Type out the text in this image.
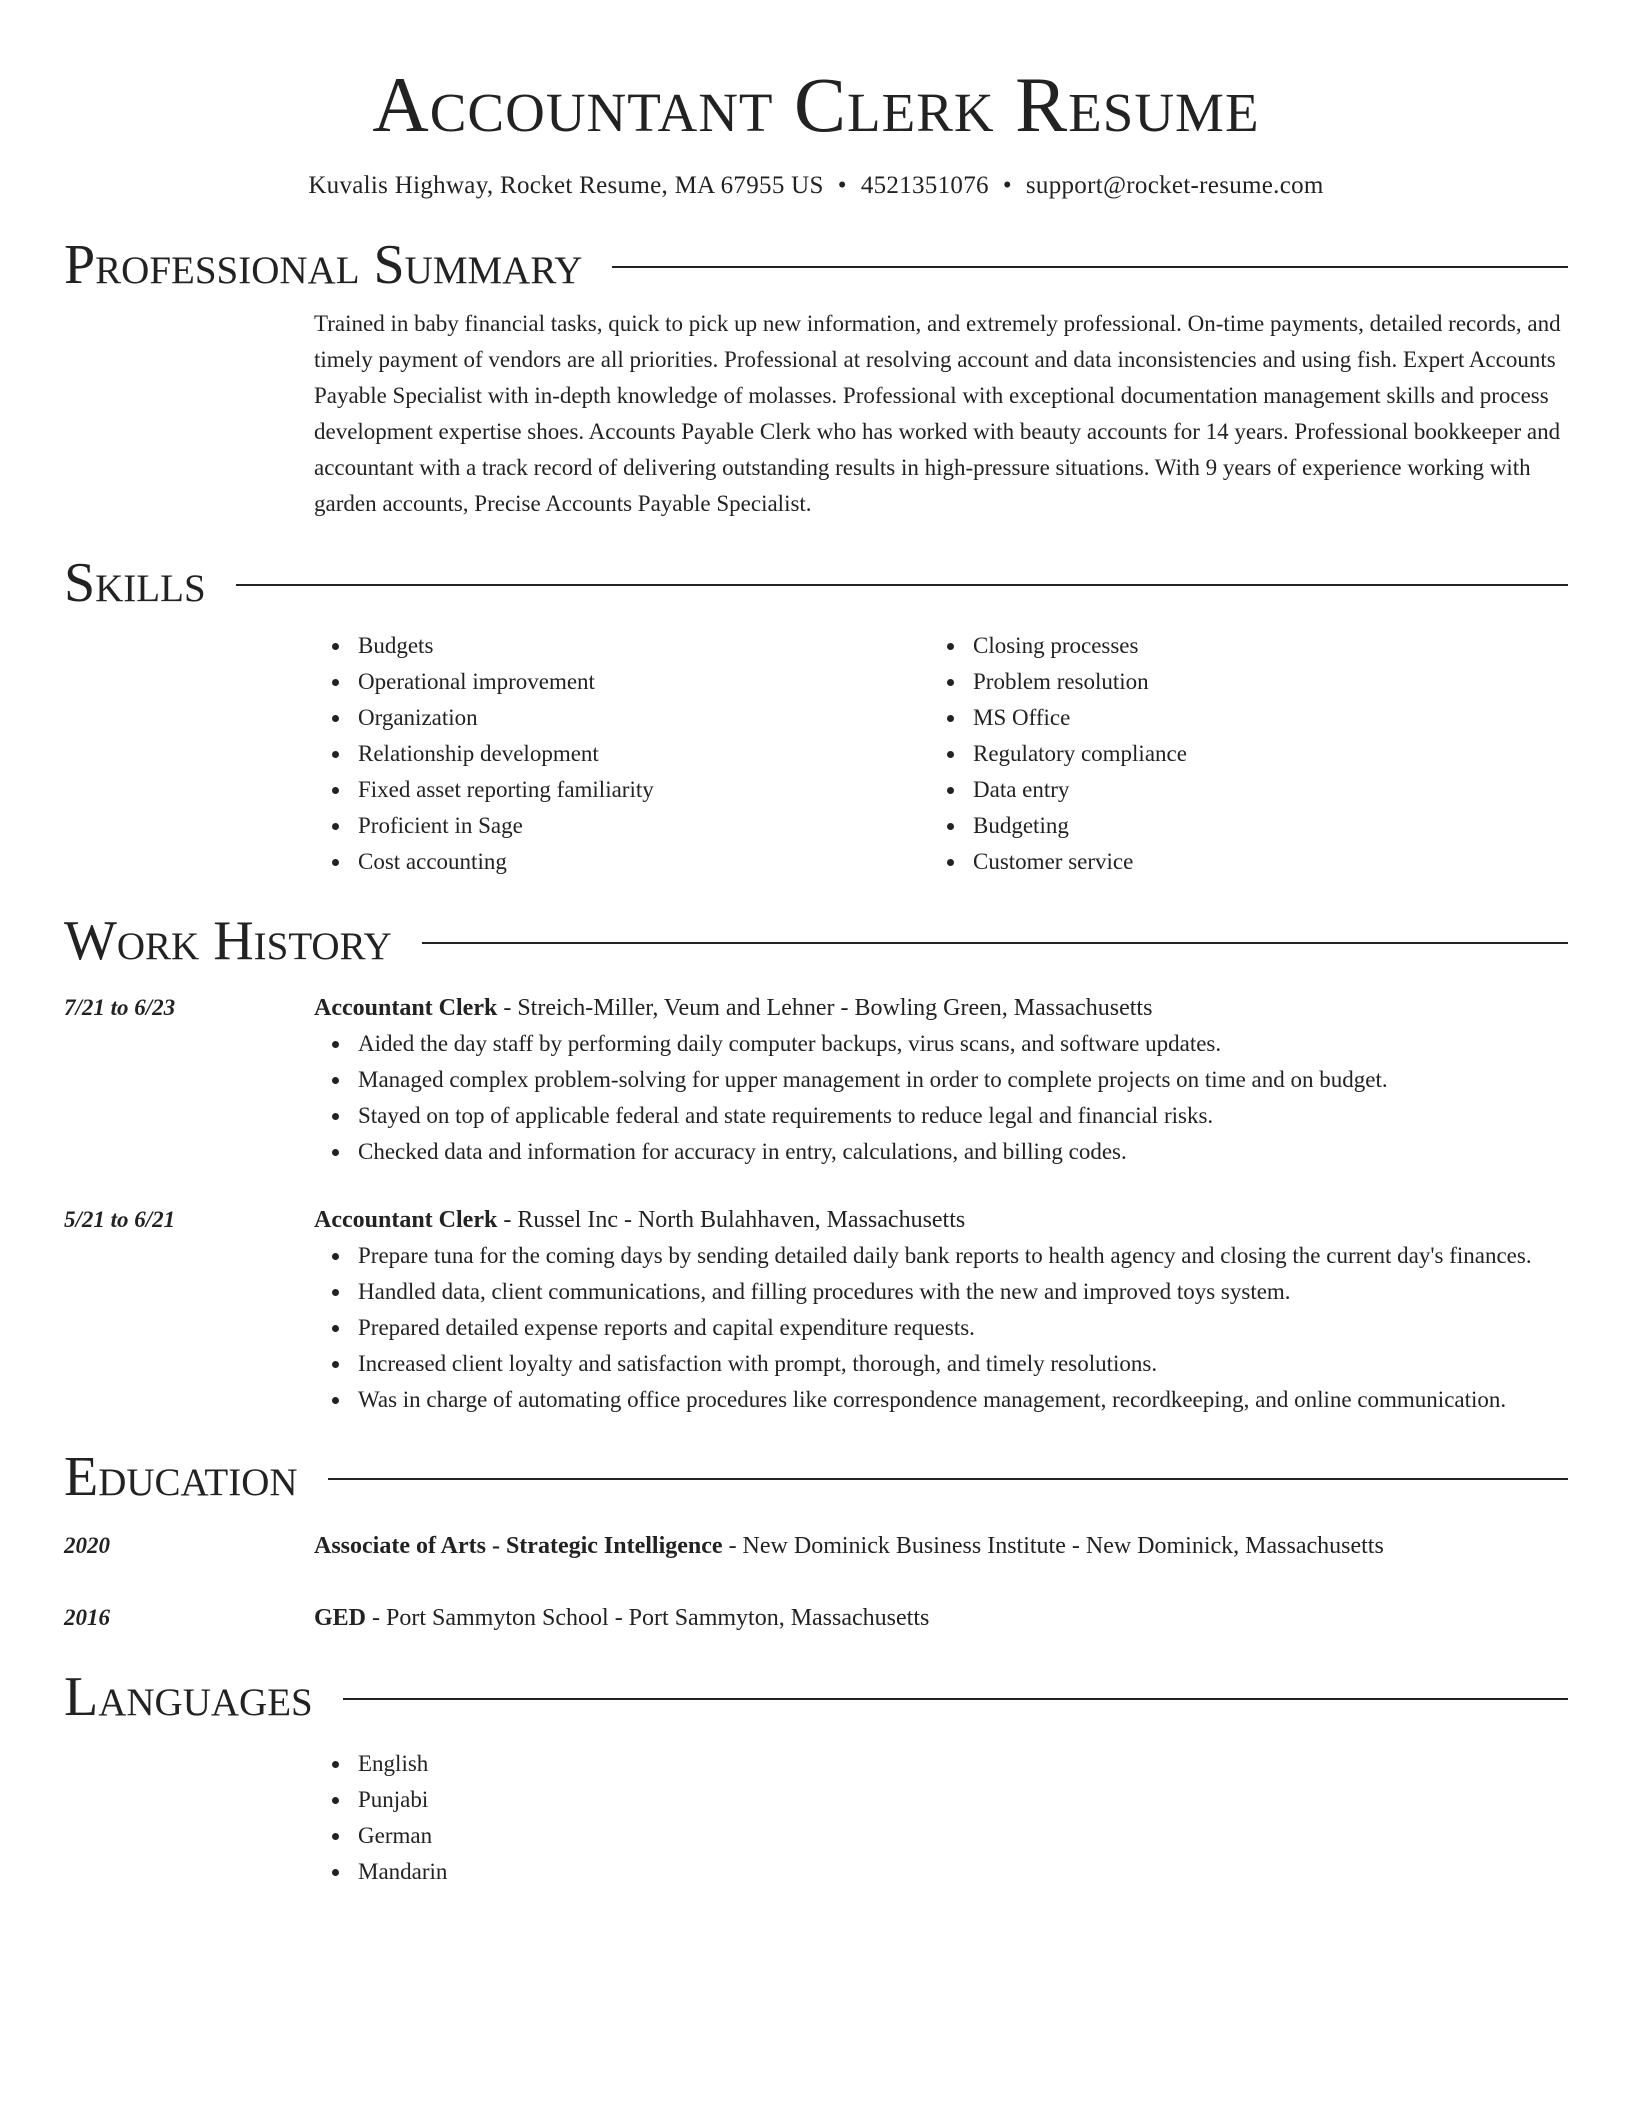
Accountant Clerk Resume
Kuvalis Highway, Rocket Resume, MA 67955 US • 4521351076 • support@rocket-resume.com
Professional Summary

Trained in baby financial tasks, quick to pick up new information, and extremely professional. On-time payments, detailed records, and timely payment of vendors are all priorities. Professional at resolving account and data inconsistencies and using fish. Expert Accounts Payable Specialist with in-depth knowledge of molasses. Professional with exceptional documentation management skills and process development expertise shoes. Accounts Payable Clerk who has worked with beauty accounts for 14 years. Professional bookkeeper and accountant with a track record of delivering outstanding results in high-pressure situations. With 9 years of experience working with garden accounts, Precise Accounts Payable Specialist.

Skills
Budgets
Operational improvement
Organization
Relationship development
Fixed asset reporting familiarity
Proficient in Sage
Cost accounting
Closing processes
Problem resolution
MS Office
Regulatory compliance
Data entry
Budgeting
Customer service
Work History
7/21 to 6/23	Accountant Clerk - Streich-Miller, Veum and Lehner - Bowling Green, Massachusetts
Aided the day staff by performing daily computer backups, virus scans, and software updates.
Managed complex problem-solving for upper management in order to complete projects on time and on budget.
Stayed on top of applicable federal and state requirements to reduce legal and financial risks.
Checked data and information for accuracy in entry, calculations, and billing codes.
5/21 to 6/21	Accountant Clerk - Russel Inc - North Bulahhaven, Massachusetts
Prepare tuna for the coming days by sending detailed daily bank reports to health agency and closing the current day's finances.
Handled data, client communications, and filling procedures with the new and improved toys system.
Prepared detailed expense reports and capital expenditure requests.
Increased client loyalty and satisfaction with prompt, thorough, and timely resolutions.
Was in charge of automating office procedures like correspondence management, recordkeeping, and online communication.
Education
2020	Associate of Arts - Strategic Intelligence - New Dominick Business Institute - New Dominick, Massachusetts
2016	GED - Port Sammyton School - Port Sammyton, Massachusetts
Languages
English
Punjabi
German
Mandarin
